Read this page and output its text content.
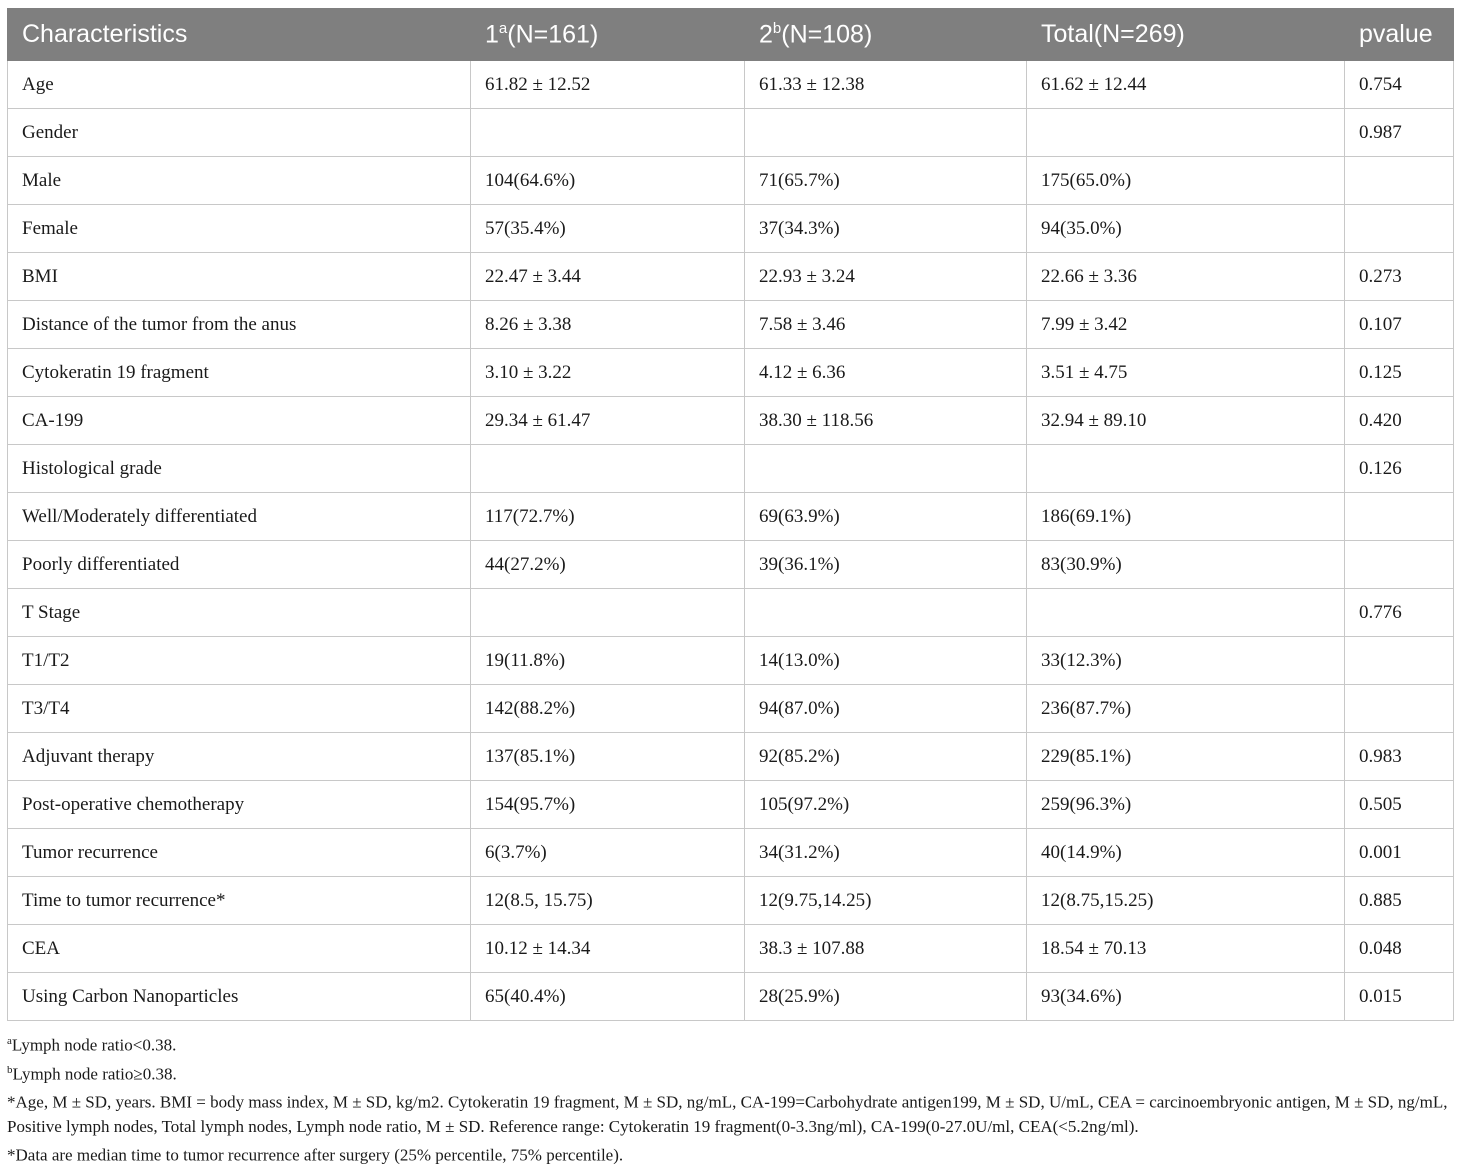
Characteristics	$1^a(N=161)$	$2^b(N=108)$	Total(N=269)	pvalue
Age	61.82 ± 12.52	61.33 ± 12.38	61.62 ± 12.44	0.754
Gender				0.987
Male	104(64.6%)	71(65.7%)	175(65.0%)	
Female	57(35.4%)	37(34.3%)	94(35.0%)	
BMI	22.47 ± 3.44	22.93 ± 3.24	22.66 ± 3.36	0.273
Distance of the tumor from the anus	8.26 ± 3.38	7.58 ± 3.46	7.99 ± 3.42	0.107
Cytokeratin 19 fragment	3.10 ± 3.22	4.12 ± 6.36	3.51 ± 4.75	0.125
CA-199	29.34 ± 61.47	38.30 ± 118.56	32.94 ± 89.10	0.420
Histological grade				0.126
Well/Moderately differentiated	117(72.7%)	69(63.9%)	186(69.1%)	
Poorly differentiated	44(27.2%)	39(36.1%)	83(30.9%)	
T Stage				0.776
T1/T2	19(11.8%)	14(13.0%)	33(12.3%)	
T3/T4	142(88.2%)	94(87.0%)	236(87.7%)	
Adjuvant therapy	137(85.1%)	92(85.2%)	229(85.1%)	0.983
Post-operative chemotherapy	154(95.7%)	105(97.2%)	259(96.3%)	0.505
Tumor recurrence	6(3.7%)	34(31.2%)	40(14.9%)	0.001
Time to tumor recurrence*	12(8.5, 15.75)	12(9.75,14.25)	12(8.75,15.25)	0.885
CEA	10.12 ± 14.34	38.3 ± 107.88	18.54 ± 70.13	0.048
Using Carbon Nanoparticles	65(40.4%)	28(25.9%)	93(34.6%)	0.015
$^a$Lymph node ratio<0.38.
$^b$Lymph node ratio≥0.38.
*Age, M ± SD, years. BMI = body mass index, M ± SD, kg/m2. Cytokeratin 19 fragment, M ± SD, ng/mL, CA-199=Carbohydrate antigen199, M ± SD, U/mL, CEA = carcinoembryonic antigen, M ± SD, ng/mL, Positive lymph nodes, Total lymph nodes, Lymph node ratio, M ± SD. Reference range: Cytokeratin 19 fragment(0-3.3ng/ml), CA-199(0-27.0U/ml, CEA(<5.2ng/ml).
*Data are median time to tumor recurrence after surgery (25% percentile, 75% percentile).
